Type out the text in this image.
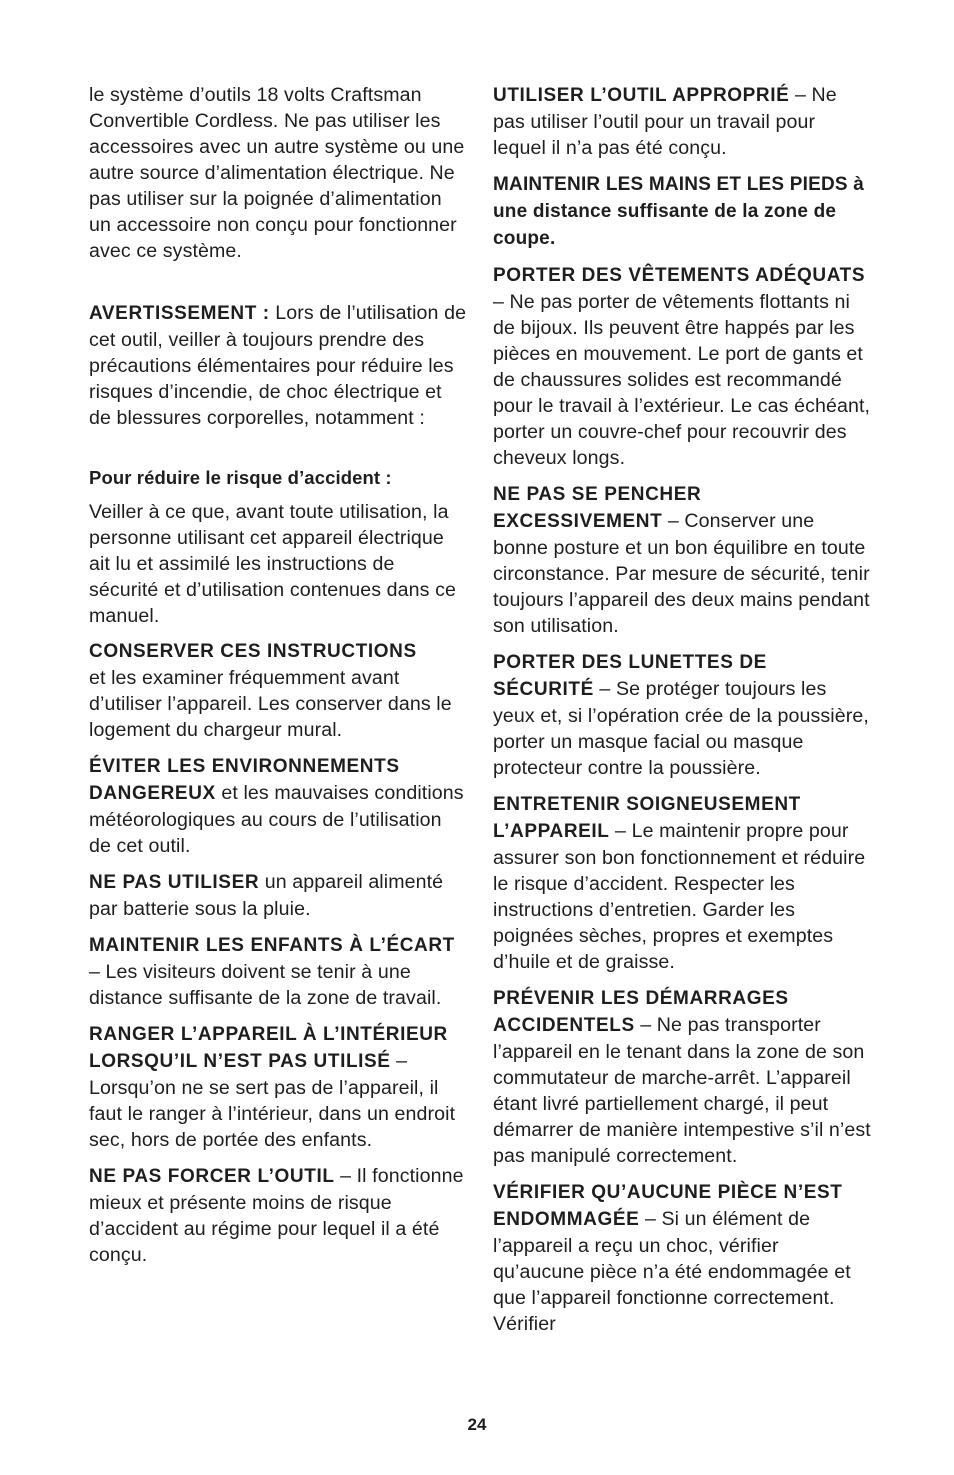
le système d’outils 18 volts Craftsman Convertible Cordless. Ne pas utiliser les accessoires avec un autre système ou une autre source d’alimentation électrique. Ne pas utiliser sur la poignée d’alimentation un accessoire non conçu pour fonctionner avec ce système.

AVERTISSEMENT : Lors de l’utilisation de cet outil, veiller à toujours prendre des précautions élémentaires pour réduire les risques d’incendie, de choc électrique et de blessures corporelles, notamment :

Pour réduire le risque d’accident :

Veiller à ce que, avant toute utilisation, la personne utilisant cet appareil électrique ait lu et assimilé les instructions de sécurité et d’utilisation contenues dans ce manuel.

CONSERVER CES INSTRUCTIONS
et les examiner fréquemment avant d’utiliser l’appareil. Les conserver dans le logement du chargeur mural.

ÉVITER LES ENVIRONNEMENTS DANGEREUX et les mauvaises conditions météorologiques au cours de l’utilisation de cet outil.

NE PAS UTILISER un appareil alimenté par batterie sous la pluie.

MAINTENIR LES ENFANTS À L’ÉCART – Les visiteurs doivent se tenir à une distance suffisante de la zone de travail.

RANGER L’APPAREIL À L’INTÉRIEUR LORSQU’IL N’EST PAS UTILISÉ – Lorsqu’on ne se sert pas de l’appareil, il faut le ranger à l’intérieur, dans un endroit sec, hors de portée des enfants.

NE PAS FORCER L’OUTIL – Il fonctionne mieux et présente moins de risque d’accident au régime pour lequel il a été conçu.

UTILISER L’OUTIL APPROPRIÉ – Ne pas utiliser l’outil pour un travail pour lequel il n’a pas été conçu.

MAINTENIR LES MAINS ET LES PIEDS à une distance suffisante de la zone de coupe.

PORTER DES VÊTEMENTS ADÉQUATS – Ne pas porter de vêtements flottants ni de bijoux. Ils peuvent être happés par les pièces en mouvement. Le port de gants et de chaussures solides est recommandé pour le travail à l’extérieur. Le cas échéant, porter un couvre-chef pour recouvrir des cheveux longs.

NE PAS SE PENCHER EXCESSIVEMENT – Conserver une bonne posture et un bon équilibre en toute circonstance. Par mesure de sécurité, tenir toujours l’appareil des deux mains pendant son utilisation.

PORTER DES LUNETTES DE SÉCURITÉ – Se protéger toujours les yeux et, si l’opération crée de la poussière, porter un masque facial ou masque protecteur contre la poussière.

ENTRETENIR SOIGNEUSEMENT L’APPAREIL – Le maintenir propre pour assurer son bon fonctionnement et réduire le risque d’accident. Respecter les instructions d’entretien. Garder les poignées sèches, propres et exemptes d’huile et de graisse.

PRÉVENIR LES DÉMARRAGES ACCIDENTELS – Ne pas transporter l’appareil en le tenant dans la zone de son commutateur de marche-arrêt. L’appareil étant livré partiellement chargé, il peut démarrer de manière intempestive s’il n’est pas manipulé correctement.

VÉRIFIER QU’AUCUNE PIÈCE N’EST ENDOMMAGÉE – Si un élément de l’appareil a reçu un choc, vérifier qu’aucune pièce n’a été endommagée et que l’appareil fonctionne correctement. Vérifier

24
